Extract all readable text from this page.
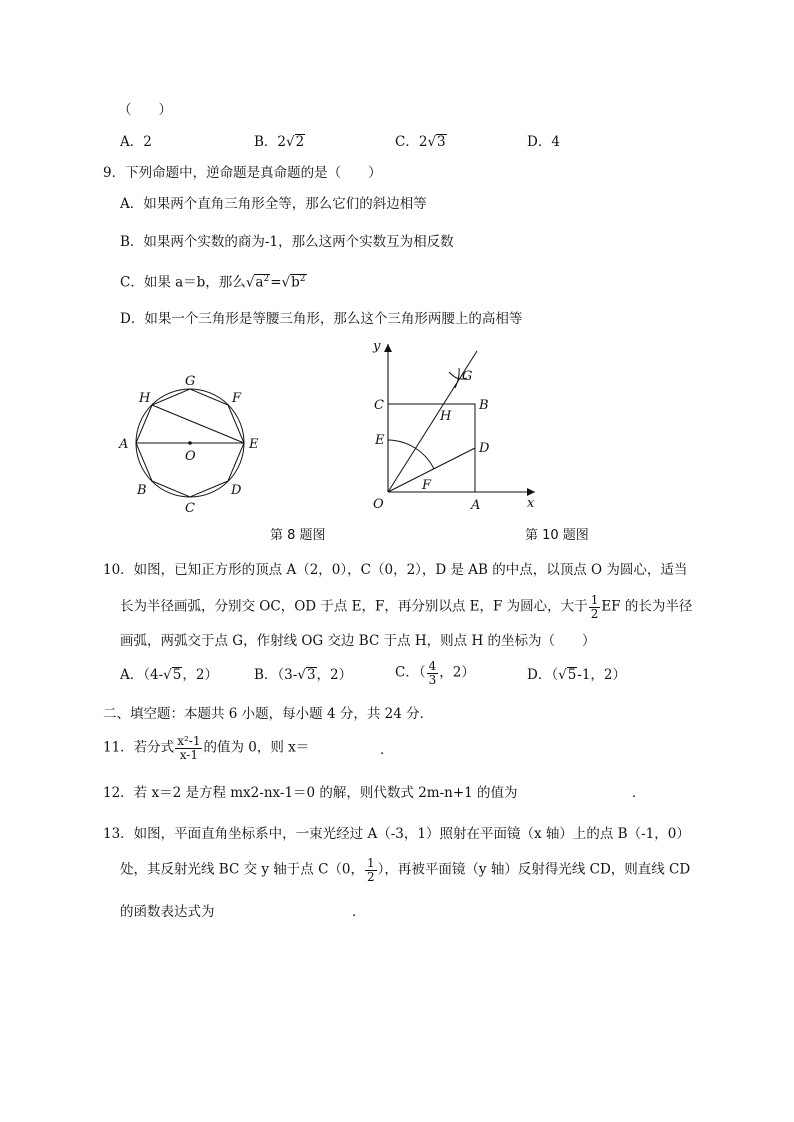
（　　）
A．2	B．2√2	C．2√3	D．4
9．下列命题中，逆命题是真命题的是（　　）
A．如果两个直角三角形全等，那么它们的斜边相等
B．如果两个实数的商为-1，那么这两个实数互为相反数
C．如果 a＝b，那么$√a^2=√b^2$
D．如果一个三角形是等腰三角形，那么这个三角形两腰上的高相等
A
H
G
F
E
D
C
B
O
第 8 题图
y
x
O	A
B
C
D
E
F
G
H
第 10 题图
10．如图，已知正方形的顶点 A（2，0），C（0，2），D 是 AB 的中点，以顶点 O 为圆心，适当
长为半径画弧，分别交 OC，OD 于点 E，F，再分别以点 E，F 为圆心，大于 $\frac{1}{2}$ EF 的长为半径
画弧，两弧交于点 G，作射线 OG 交边 BC 于点 H，则点 H 的坐标为（　　）
A．（4-√5，2）	B．（3-√3，2）	C．（ $\frac{4}{3}$ ，2）	D．（√5-1，2）
二、填空题：本题共 6 小题，每小题 4 分，共 24 分．
11．若分式 $\frac{\text{x²-1}}{x-1}$ 的值为 0，则 x＝	．
12．若 x＝2 是方程 mx2-nx-1＝0 的解，则代数式 2m-n+1 的值为	．
13．如图，平面直角坐标系中，一束光经过 A（-3，1）照射在平面镜（x 轴）上的点 B（-1，0）
处，其反射光线 BC 交 y 轴于点 C（0， $\frac{1}{2}$ ），再被平面镜（y 轴）反射得光线 CD，则直线 CD
的函数表达式为	．
